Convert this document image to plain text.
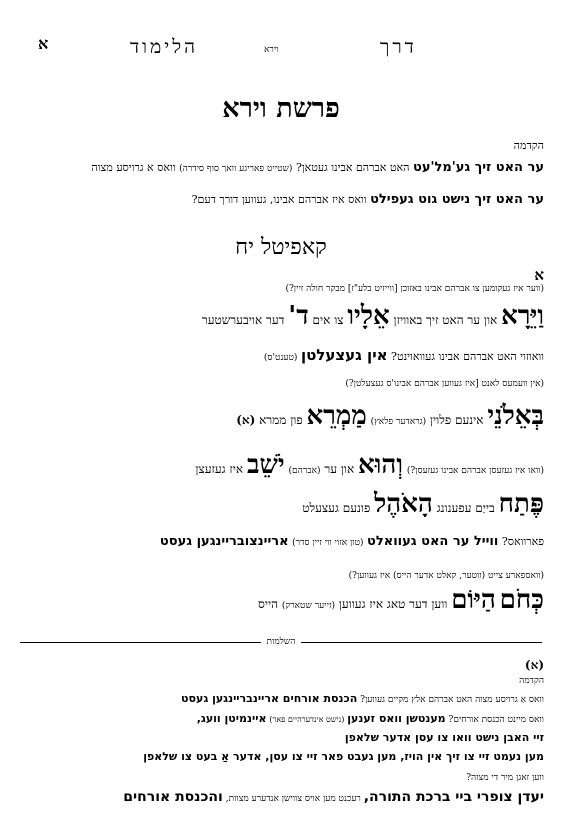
א	הלימוד	וירא	דרך
פרשת וירא
הקדמה
ער האט זיך גע'מל'עט האט אברהם אבינו געטאן? (שטייט פאריגע וואך סוף סידרה) וואס א גרויסע מצוה
ער האט זיך נישט גוט געפילט וואס איז אברהם אבינו, געווען דורך דעם?
קאפיטל יח
א
(ווער איז געקומען צו אברהם אבינו באזוכן [ווייזיט בלע"ז] מבקר חולה זיין?)
וַיֵּרָא און ער האט זיך באוויזן אֵלָיו צו אים ד' דער אויבערשטער
וואוזוי האט אברהם אבינו געוואוינט? אין געצעלטן (טענט'ס)
(אין וועמעס לאנט [איז געווען אברהם אבינו'ס געצעלטן?)
בְּאֵלֹנֵי אינעם פלוין (גראדער פלאץ) מַמְרֵא פון ממרא (א)
(וואו איז געזעסן אברהם אבינו געזעסן?) וְהוּא און ער (אברהם) יֹשֵׁב איז געזעצן
פֶּתַח בייַם עפענונג הָאֹהֶל פונעם געצעלט
פארוואס? ווייל ער האט געוואלט (טון אזוי ווי זיין סדר) אריינצובריינגען געסט
(וואספארע צייט (ווטער, קאלט אדער הייס) איז געווען?)
כְּחֹם הַיּוֹם ווען דער טאג איז געווען (זייער שטארק) הייס
השלמות
(א)
הקדמה
וואס אַ גרויסע מצוה האט אברהם אלץ מקיים געווען? הכנסת אורחים אריינבריינגען געסט
וואס מיינט הכנסת אורחים? מענטשן וואס זענען (נישט אינדערהיים פאר) איינמיטן וועג,
זיי האבן נישט וואו צו עסן אדער שלאפן
מען נעמט זיי צו זיך אין הויז, מען געבט פאר זיי צו עסן, אדער אַ בעט צו שלאפן
ווען זאגן מיר די מצוה?
יעדן צופרי ביי ברכת התורה, רעכנט מען אויס צווישן אנדערע מצוות, והכנסת אורחים
